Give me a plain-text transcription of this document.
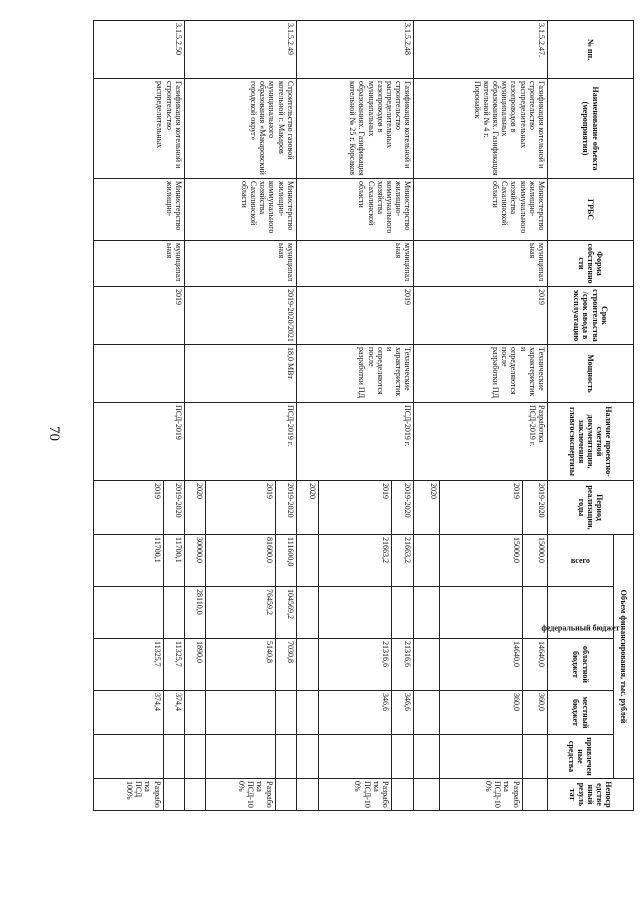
70
№ пп.	Наименование объекта (мероприятия)	ГРБС	Форма собственности	Срок строительства/срок ввода в эксплуатацию	Мощность	Наличие проектно-сметной документации, заключения главгосэкспертизы	Период реализации, годы	Объем финансирования, тыс. рублей					Непосредственный результат
								всего	федеральный бюджет	областной бюджет	местный бюджет	привлеченные средства	
3.1.5.2.47.	Газификация котельной и строительство распределительных газопроводов в муниципальных образованиях. Газификация котельной № 4 г. Поронайск	Министерство жилищно-коммунального хозяйства Сахалинской области	муниципальная	2019	Технические характеристики определяются после разработки ПД	Разработка ПСД-2019 г.	2019-2020	15000,0		14640,0	360,0		
							2019	15000,0		14640,0	360,0		Разработка ПСД-100%
							2020						
3.1.5.2.48	Газификация котельной и строительство распределительных газопроводов в муниципальных образованиях. Газификация котельной № 25 г. Корсаков	Министерство жилищно-коммунального хозяйства Сахалинской области	муниципальная	2019	Технические характеристики определяются после разработки ПД	ПСД-2019 г.	2019-2020	21663,2		21316,6	346,6		
							2019	21663,2		21316,6	346,6		Разработка ПСД-100%
							2020						
3.1.5.2.49	Строительство газовой котельной г. Макаров муниципального образования «Макаровский городской округ»	Министерство жилищно-коммунального хозяйства Сахалинской области	муниципальная	2019-2020/2021	18,0 МВт	ПСД-2019 г.	2019-2020	111600,0	104569,2	7030,8			
							2019	81600,0	76459,2	5140,8			Разработка ПСД-100%
							2020	30000,0	28110,0	1890,0			
3.1.5.2.50	Газификация котельной и строительство распределительных	Министерство жилищно-	муниципальная	2019		ПСД-2019	2019-2020	11700,1		11325,7	374,4		
							2019	11700,1		11325,7	374,4		Разработка ПСД 100%
